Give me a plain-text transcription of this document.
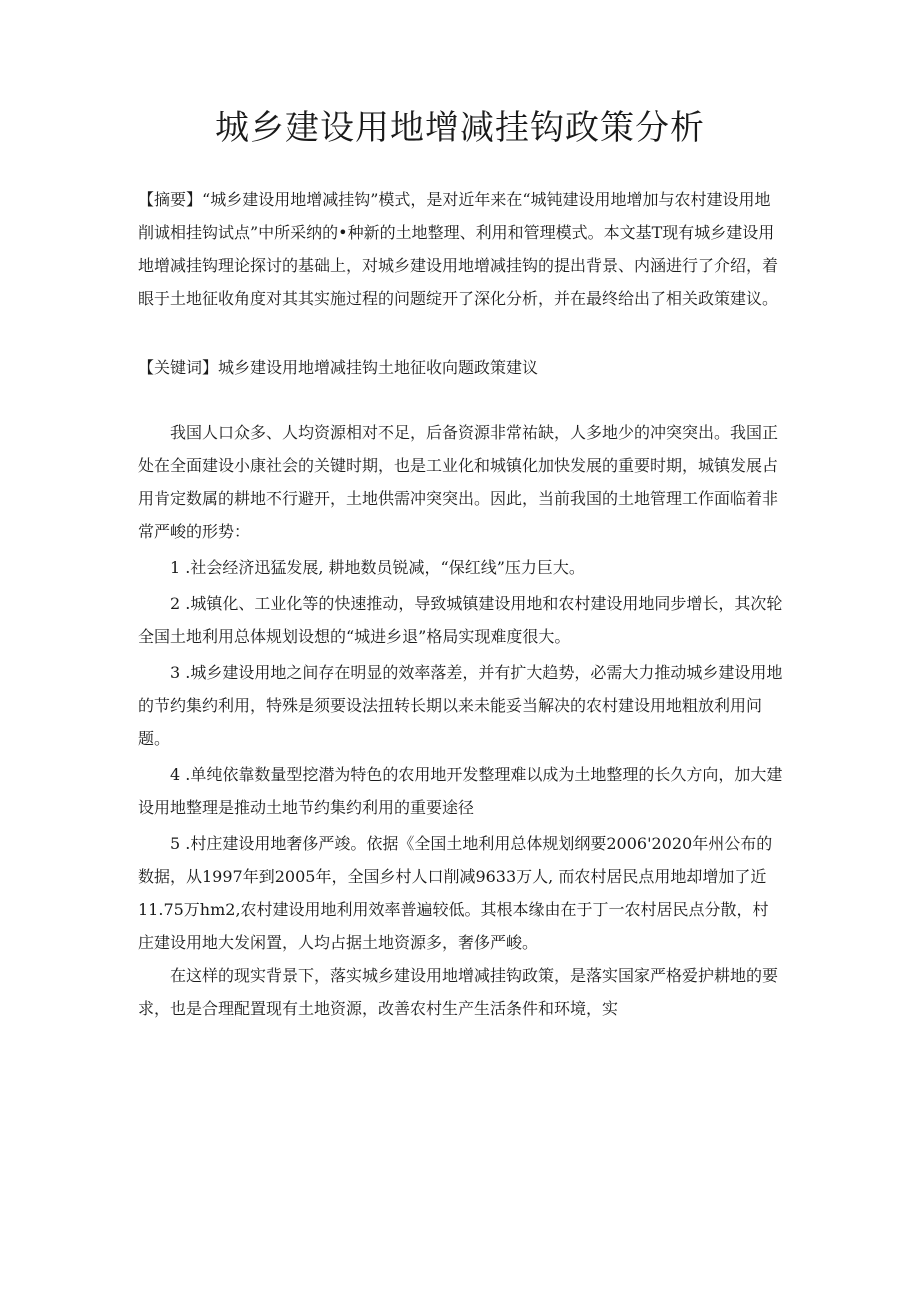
城乡建设用地增减挂钩政策分析

【摘要】“城乡建设用地增减挂钩”模式，是对近年来在“城钝建设用地增加与农村建设用地削诚相挂钩试点”中所采纳的•种新的土地整理、利用和管理模式。本文基T现有城乡建设用地增减挂钩理论探讨的基础上，对城乡建设用地增减挂钩的提出背景、内涵进行了介绍，着眼于土地征收角度对其其实施过程的问题绽开了深化分析，并在最终给出了相关政策建议。

【关键词】城乡建设用地增减挂钩土地征收向题政策建议

我国人口众多、人均资源相对不足，后备资源非常祐缺，人多地少的冲突突出。我国正处在全面建设小康社会的关键时期，也是工业化和城镇化加快发展的重要时期，城镇发展占用肯定数属的耕地不行避开，土地供需冲突突出。因此，当前我国的土地管理工作面临着非常严峻的形势：

1 .社会经济迅猛发展, 耕地数员锐减，“保红线”压力巨大。

2 .城镇化、工业化等的快速推动，导致城镇建设用地和农村建设用地同步增长，其次轮全国土地利用总体规划设想的“城进乡退”格局实现难度很大。

3 .城乡建设用地之间存在明显的效率落差，并有扩大趋势，必需大力推动城乡建设用地的节约集约利用，特殊是须要设法扭转长期以来未能妥当解决的农村建设用地粗放利用问题。

4 .单纯依靠数量型挖潜为特色的农用地开发整理难以成为土地整理的长久方向，加大建设用地整理是推动土地节约集约利用的重要途径

5 .村庄建设用地奢侈严竣。依据《全国土地利用总体规划纲要2006'2020年州公布的数据，从1997年到2005年，全国乡村人口削减9633万人, 而农村居民点用地却增加了近11.75万hm2,农村建设用地利用效率普遍较低。其根本缘由在于丁一农村居民点分散，村庄建设用地大发闲置，人均占据土地资源多，奢侈严峻。

在这样的现实背景下，落实城乡建设用地增减挂钩政策，是落实国家严格爱护耕地的要求，也是合理配置现有土地资源，改善农村生产生活条件和环境，实
